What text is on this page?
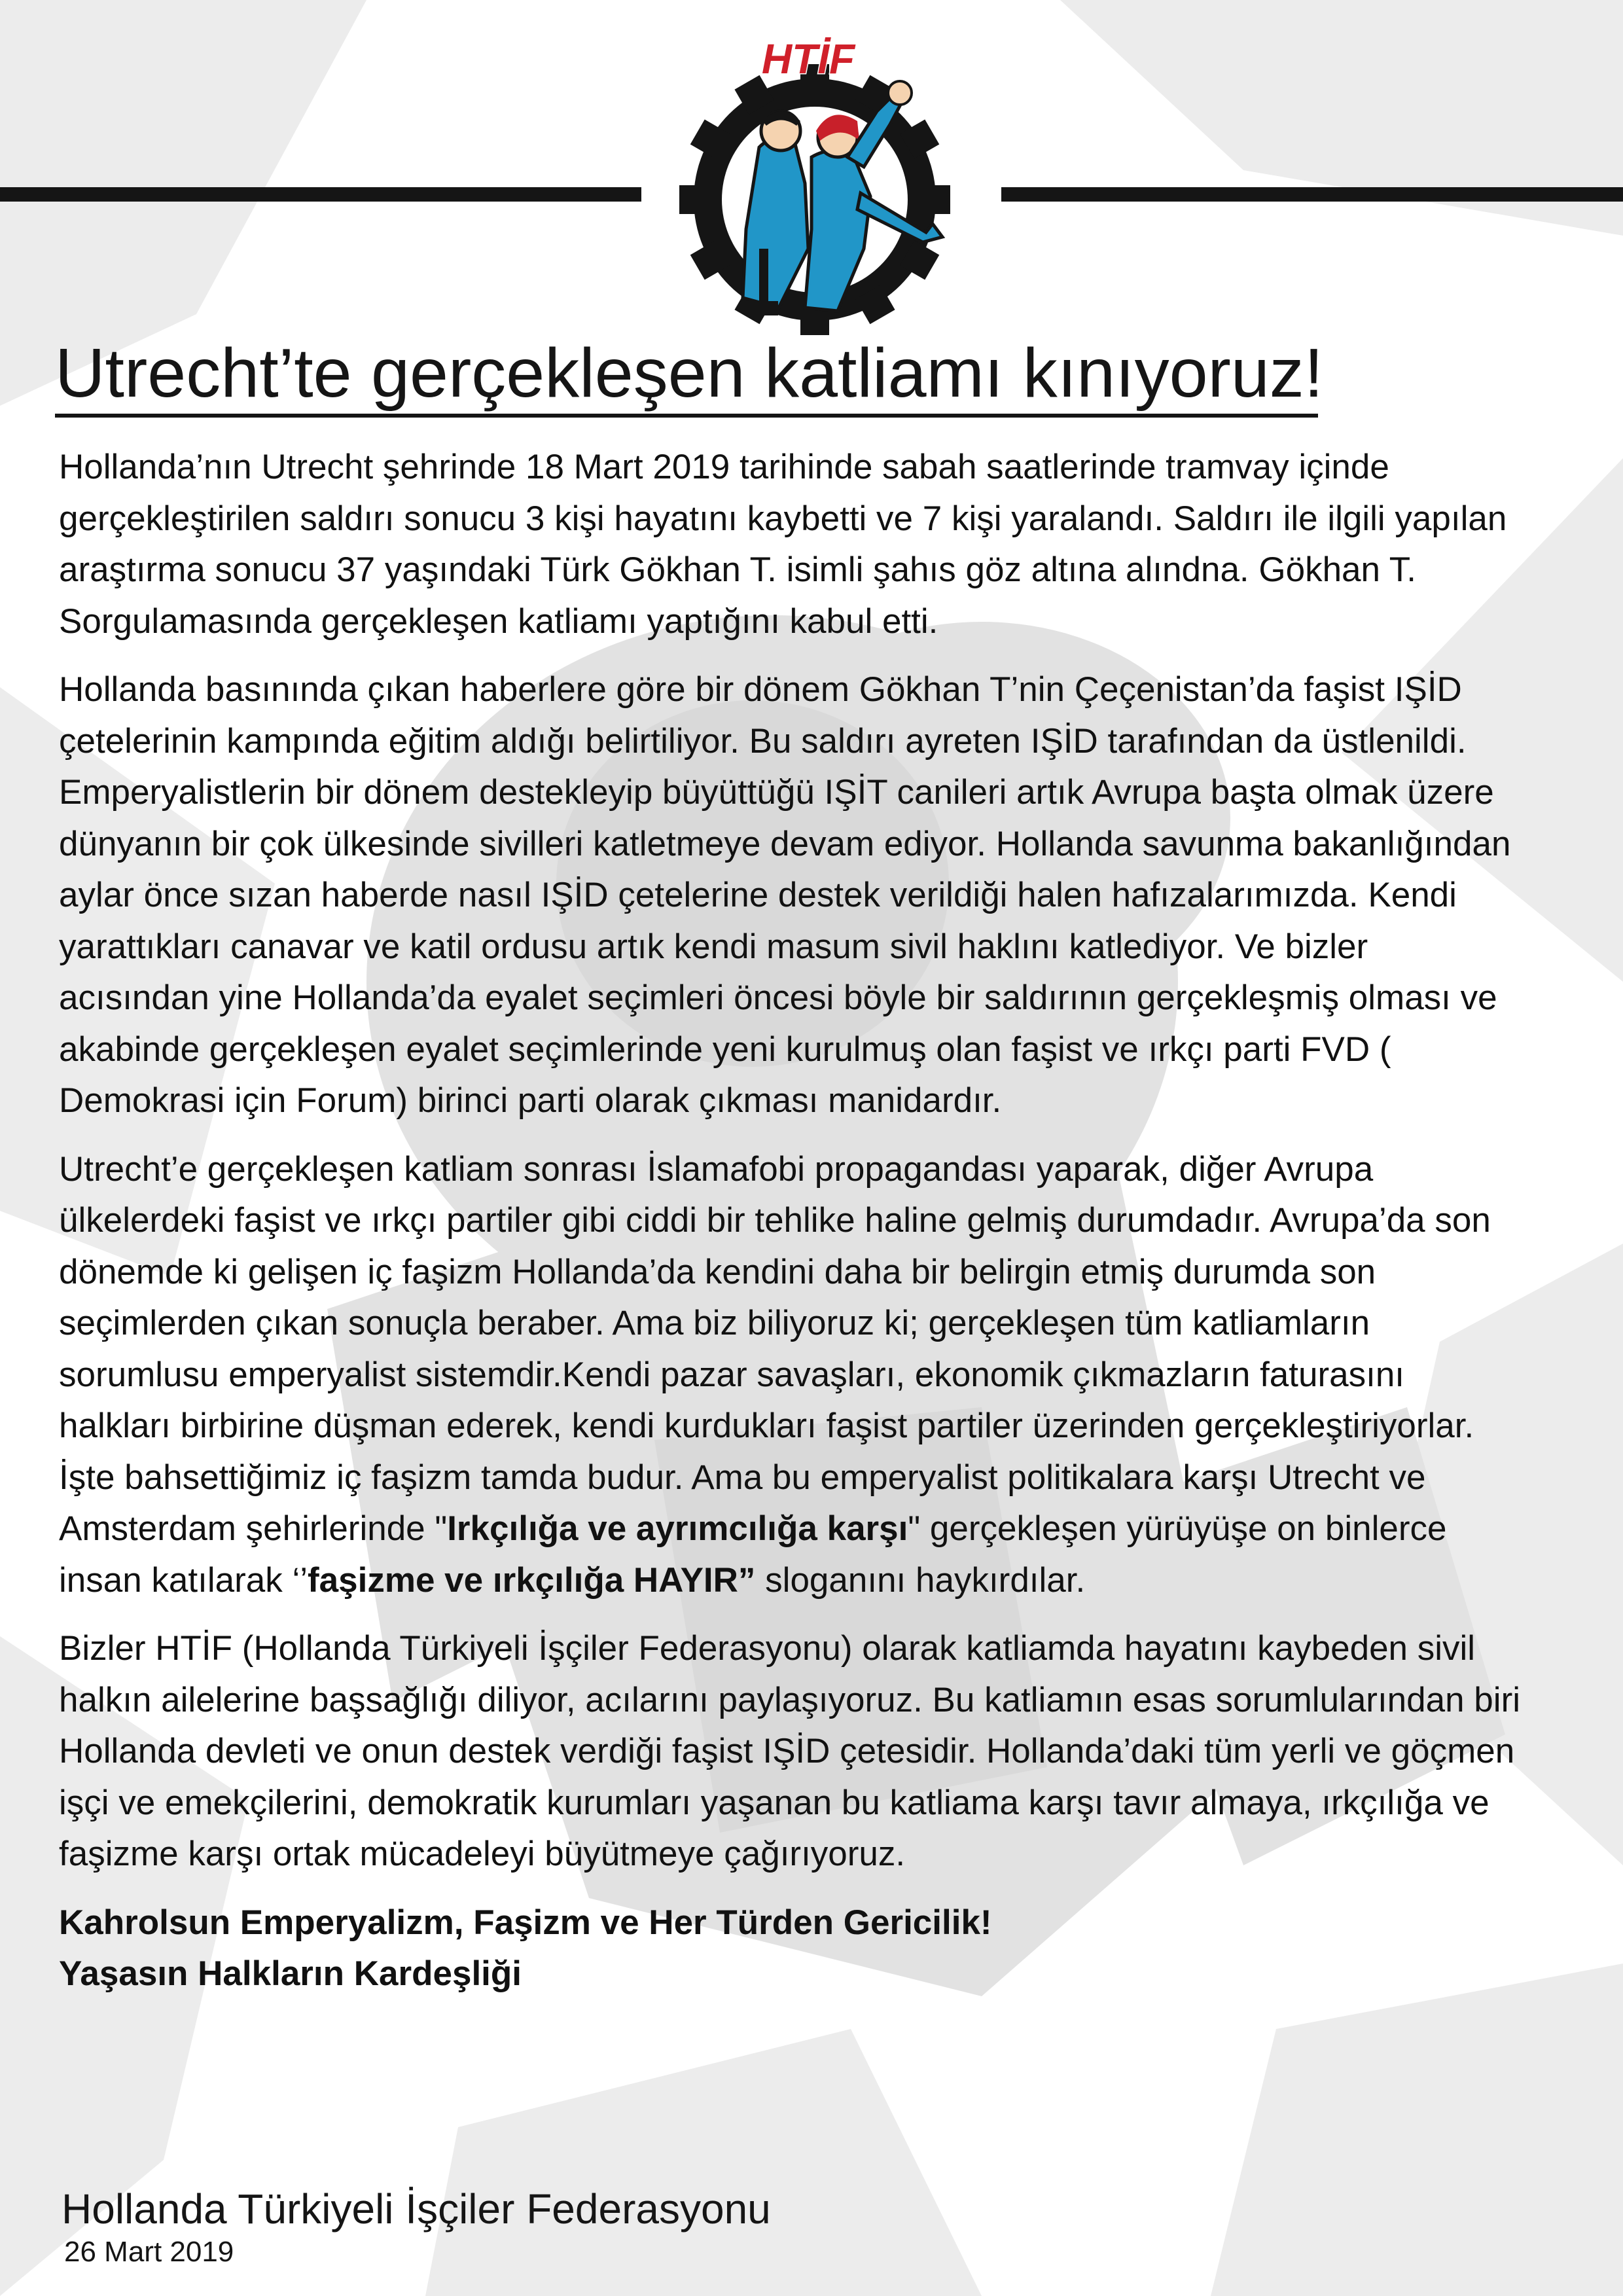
HTİF
Utrecht’te gerçekleşen katliamı kınıyoruz!

Hollanda’nın Utrecht şehrinde 18 Mart 2019 tarihinde sabah saatlerinde tramvay içinde gerçekleştirilen saldırı sonucu 3 kişi hayatını kaybetti ve 7 kişi yaralandı. Saldırı ile ilgili yapılan araştırma sonucu 37 yaşındaki Türk Gökhan T. isimli şahıs göz altına alındna. Gökhan T. Sorgulamasında gerçekleşen katliamı yaptığını kabul etti.

Hollanda basınında çıkan haberlere göre bir dönem Gökhan T’nin Çeçenistan’da faşist IŞİD çetelerinin kampında eğitim aldığı belirtiliyor. Bu saldırı ayreten IŞİD tarafından da üstlenildi. Emperyalistlerin bir dönem destekleyip büyüttüğü IŞİT canileri artık Avrupa başta olmak üzere dünyanın bir çok ülkesinde sivilleri katletmeye devam ediyor. Hollanda savunma bakanlığından aylar önce sızan haberde nasıl IŞİD çetelerine destek verildiği halen hafızalarımızda. Kendi yarattıkları canavar ve katil ordusu artık kendi masum sivil haklını katlediyor. Ve bizler acısından yine Hollanda’da eyalet seçimleri öncesi böyle bir saldırının gerçekleşmiş olması ve akabinde gerçekleşen eyalet seçimlerinde yeni kurulmuş olan faşist ve ırkçı parti FVD ( Demokrasi için Forum) birinci parti olarak çıkması manidardır.

Utrecht’e gerçekleşen katliam sonrası İslamafobi propagandası yaparak, diğer Avrupa ülkelerdeki faşist ve ırkçı partiler gibi ciddi bir tehlike haline gelmiş durumdadır. Avrupa’da son dönemde ki gelişen iç faşizm Hollanda’da kendini daha bir belirgin etmiş durumda son seçimlerden çıkan sonuçla beraber. Ama biz biliyoruz ki; gerçekleşen tüm katliamların sorumlusu emperyalist sistemdir.Kendi pazar savaşları, ekonomik çıkmazların faturasını halkları birbirine düşman ederek, kendi kurdukları faşist partiler üzerinden gerçekleştiriyorlar. İşte bahsettiğimiz iç faşizm tamda budur. Ama bu emperyalist politikalara karşı Utrecht ve Amsterdam şehirlerinde "Irkçılığa ve ayrımcılığa karşı" gerçekleşen yürüyüşe on binlerce insan katılarak ‘’faşizme ve ırkçılığa HAYIR” sloganını haykırdılar.

Bizler HTİF (Hollanda Türkiyeli İşçiler Federasyonu) olarak katliamda hayatını kaybeden sivil halkın ailelerine başsağlığı diliyor, acılarını paylaşıyoruz. Bu katliamın esas sorumlularından biri Hollanda devleti ve onun destek verdiği faşist IŞİD çetesidir. Hollanda’daki tüm yerli ve göçmen işçi ve emekçilerini, demokratik kurumları yaşanan bu katliama karşı tavır almaya, ırkçılığa ve faşizme karşı ortak mücadeleyi büyütmeye çağırıyoruz.

Kahrolsun Emperyalizm, Faşizm ve Her Türden Gericilik!
Yaşasın Halkların Kardeşliği

Hollanda Türkiyeli İşçiler Federasyonu
26 Mart 2019
